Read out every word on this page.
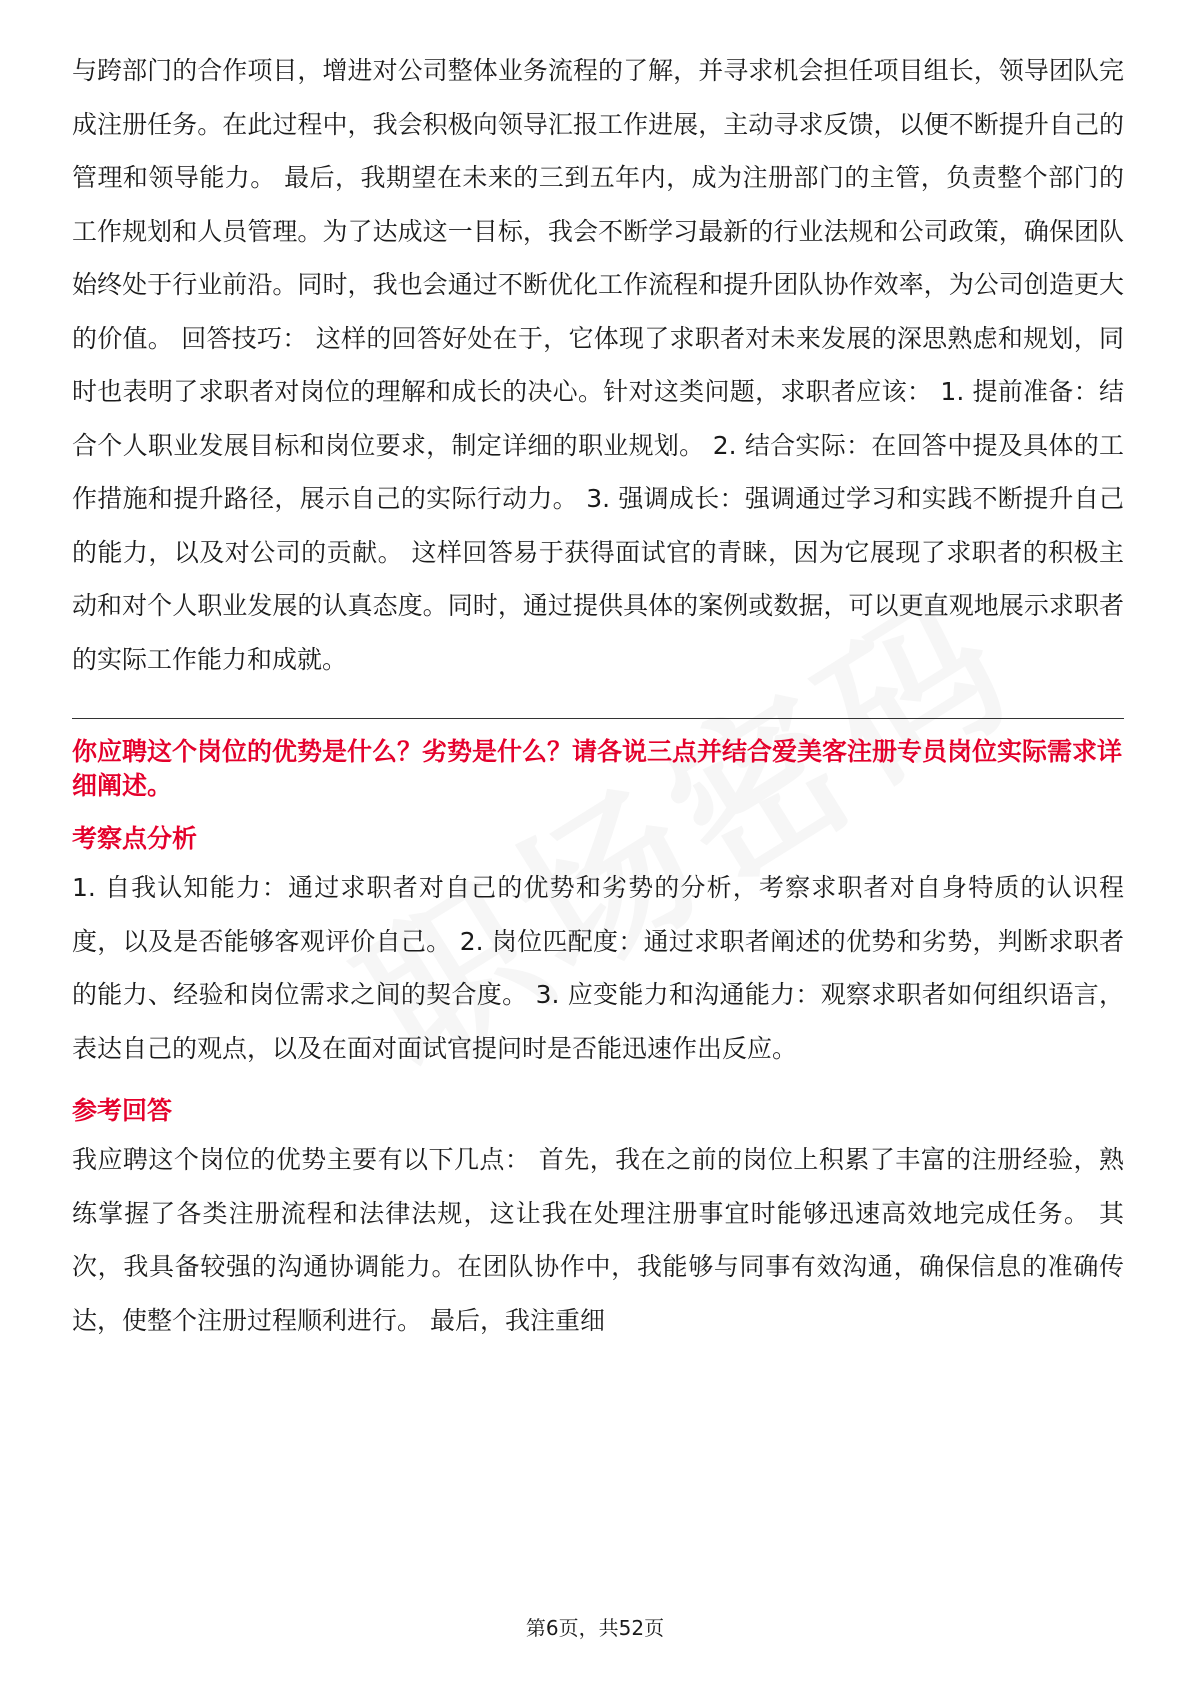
与跨部门的合作项目，增进对公司整体业务流程的了解，并寻求机会担任项目组长，领导团队完成注册任务。在此过程中，我会积极向领导汇报工作进展，主动寻求反馈，以便不断提升自己的管理和领导能力。 最后，我期望在未来的三到五年内，成为注册部门的主管，负责整个部门的工作规划和人员管理。为了达成这一目标，我会不断学习最新的行业法规和公司政策，确保团队始终处于行业前沿。同时，我也会通过不断优化工作流程和提升团队协作效率，为公司创造更大的价值。 回答技巧： 这样的回答好处在于，它体现了求职者对未来发展的深思熟虑和规划，同时也表明了求职者对岗位的理解和成长的决心。针对这类问题，求职者应该： 1. 提前准备：结合个人职业发展目标和岗位要求，制定详细的职业规划。 2. 结合实际：在回答中提及具体的工作措施和提升路径，展示自己的实际行动力。 3. 强调成长：强调通过学习和实践不断提升自己的能力，以及对公司的贡献。 这样回答易于获得面试官的青睐，因为它展现了求职者的积极主动和对个人职业发展的认真态度。同时，通过提供具体的案例或数据，可以更直观地展示求职者的实际工作能力和成就。

你应聘这个岗位的优势是什么？劣势是什么？请各说三点并结合爱美客注册专员岗位实际需求详细阐述。
考察点分析

1. 自我认知能力：通过求职者对自己的优势和劣势的分析，考察求职者对自身特质的认识程度，以及是否能够客观评价自己。 2. 岗位匹配度：通过求职者阐述的优势和劣势，判断求职者的能力、经验和岗位需求之间的契合度。 3. 应变能力和沟通能力：观察求职者如何组织语言，表达自己的观点，以及在面对面试官提问时是否能迅速作出反应。

参考回答

我应聘这个岗位的优势主要有以下几点： 首先，我在之前的岗位上积累了丰富的注册经验，熟练掌握了各类注册流程和法律法规，这让我在处理注册事宜时能够迅速高效地完成任务。 其次，我具备较强的沟通协调能力。在团队协作中，我能够与同事有效沟通，确保信息的准确传达，使整个注册过程顺利进行。 最后，我注重细

第6页，共52页
